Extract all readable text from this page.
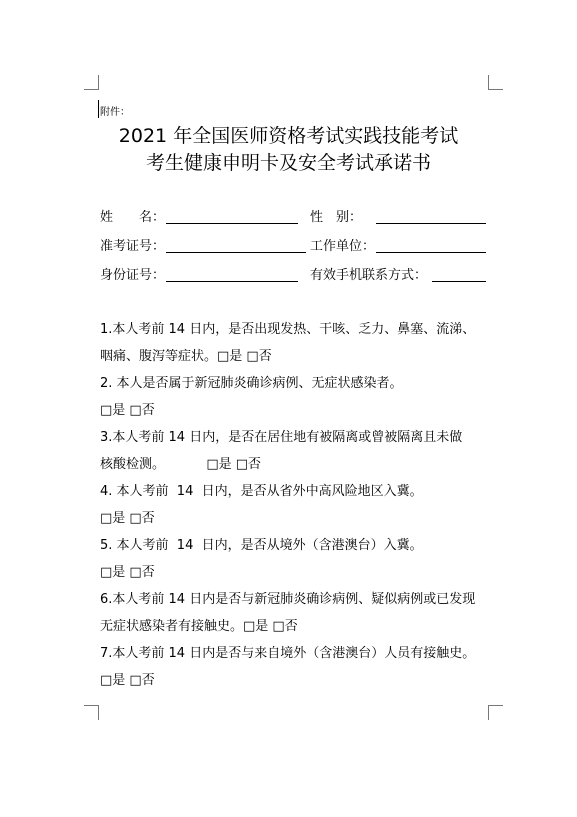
附件：
2021 年全国医师资格考试实践技能考试
考生健康申明卡及安全考试承诺书
姓　　名：	性　别：
准考证号：	工作单位：
身份证号：	有效手机联系方式：
1.本人考前 14 日内，是否出现发热、干咳、乏力、鼻塞、流涕、
咽痛、腹泻等症状。□是 □否
2. 本人是否属于新冠肺炎确诊病例、无症状感染者。
□是 □否
3.本人考前 14 日内，是否在居住地有被隔离或曾被隔离且未做
核酸检测。          □是 □否
4. 本人考前  14  日内，是否从省外中高风险地区入冀。
□是 □否
5. 本人考前  14  日内，是否从境外（含港澳台）入冀。
□是 □否
6.本人考前 14 日内是否与新冠肺炎确诊病例、疑似病例或已发现
无症状感染者有接触史。□是 □否
7.本人考前 14 日内是否与来自境外（含港澳台）人员有接触史。
□是 □否
